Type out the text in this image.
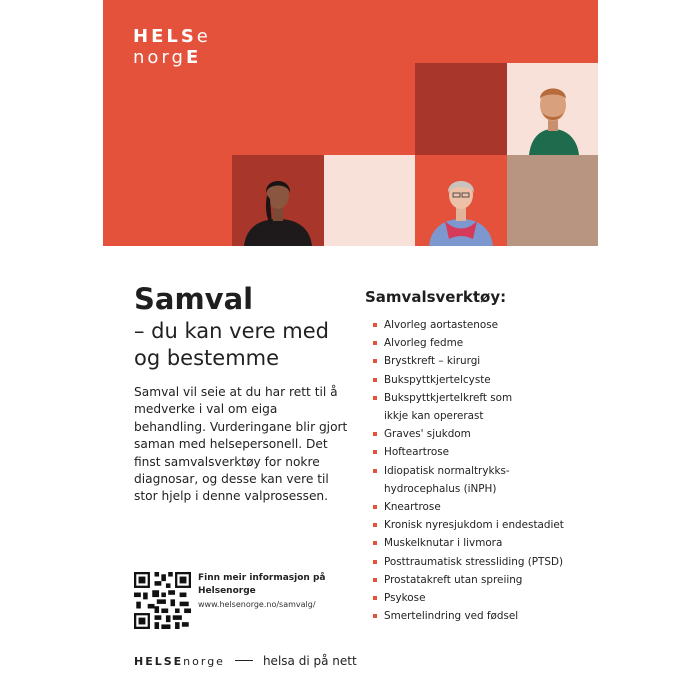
HELSe
norgE
Samval

– du kan vere med og bestemme

Samval vil seie at du har rett til å medverke i val om eiga behandling. Vurderingane blir gjort saman med helsepersonell. Det finst samvalsverktøy for nokre diagnosar, og desse kan vere til stor hjelp i denne valprosessen.

Finn meir informasjon på Helsenorge
www.helsenorge.no/samvalg/
Samvalsverktøy:
Alvorleg aortastenose
Alvorleg fedme
Brystkreft – kirurgi
Bukspyttkjertelcyste
Bukspyttkjertelkreft som
ikkje kan opererast
Graves' sjukdom
Hofteartrose
Idiopatisk normaltrykks-
hydrocephalus (iNPH)
Kneartrose
Kronisk nyresjukdom i endestadiet
Muskelknutar i livmora
Posttraumatisk stressliding (PTSD)
Prostatakreft utan spreiing
Psykose
Smertelindring ved fødsel
HELSEnorge	helsa di på nett
